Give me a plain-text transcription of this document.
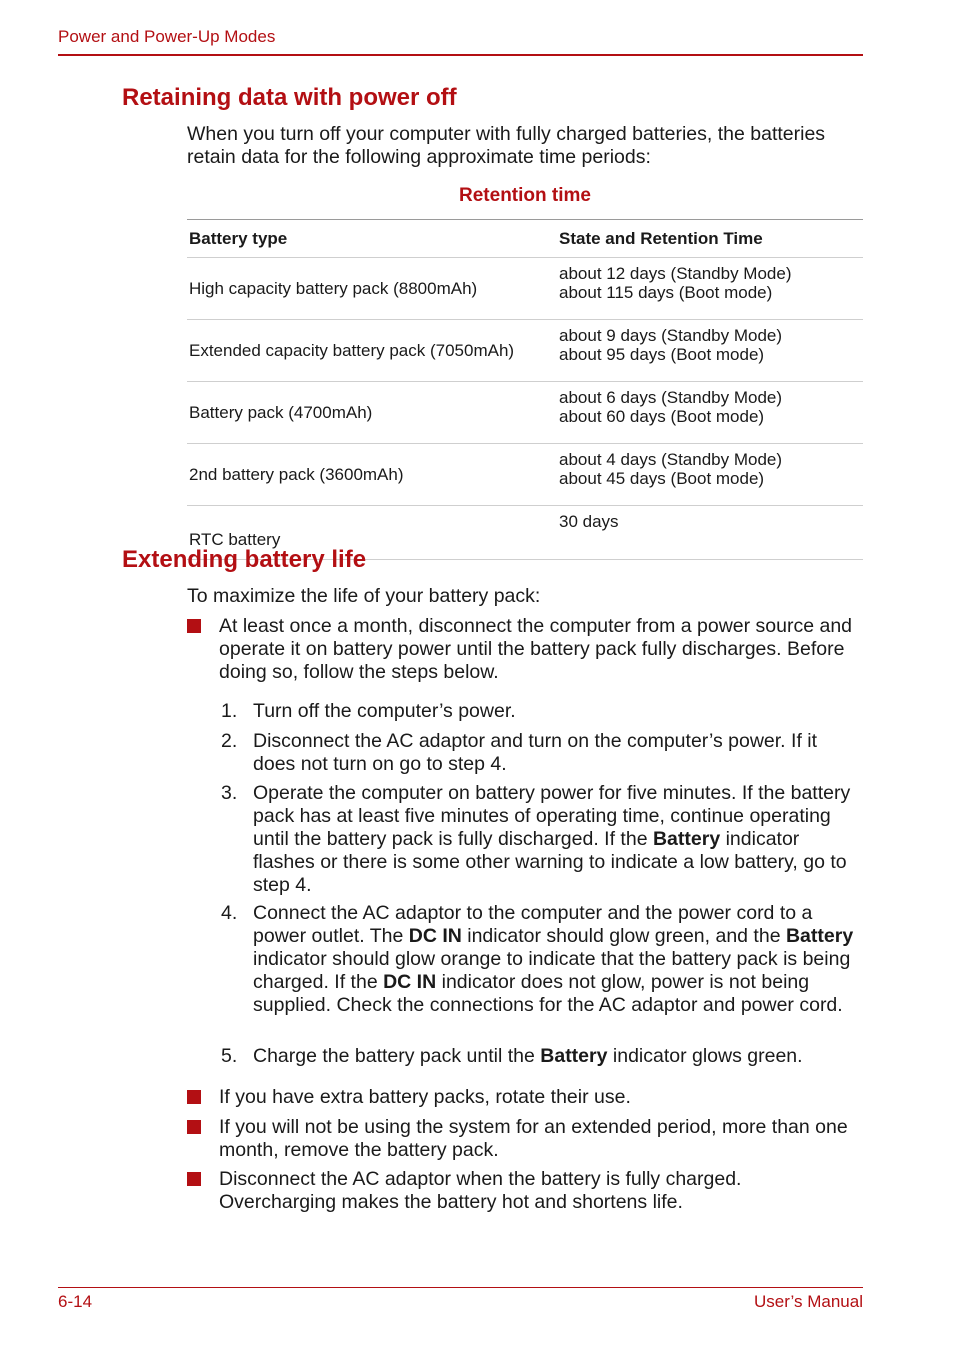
Power and Power-Up Modes
Retaining data with power off
When you turn off your computer with fully charged batteries, the batteries retain data for the following approximate time periods:
Retention time
Battery type	State and Retention Time
High capacity battery pack (8800mAh)	about 12 days (Standby Mode)
about 115 days (Boot mode)

Extended capacity battery pack (7050mAh)	about 9 days (Standby Mode)
about 95 days (Boot mode)

Battery pack (4700mAh)	about 6 days (Standby Mode)
about 60 days (Boot mode)

2nd battery pack (3600mAh)	about 4 days (Standby Mode)
about 45 days (Boot mode)

RTC battery	30 days
Extending battery life
To maximize the life of your battery pack:
At least once a month, disconnect the computer from a power source and operate it on battery power until the battery pack fully discharges. Before doing so, follow the steps below.
1. Turn off the computer’s power.
2. Disconnect the AC adaptor and turn on the computer’s power. If it does not turn on go to step 4.
3. Operate the computer on battery power for five minutes. If the battery pack has at least five minutes of operating time, continue operating until the battery pack is fully discharged. If the Battery indicator flashes or there is some other warning to indicate a low battery, go to step 4.
4. Connect the AC adaptor to the computer and the power cord to a power outlet. The DC IN indicator should glow green, and the Battery indicator should glow orange to indicate that the battery pack is being charged. If the DC IN indicator does not glow, power is not being supplied. Check the connections for the AC adaptor and power cord.
5. Charge the battery pack until the Battery indicator glows green.
If you have extra battery packs, rotate their use.
If you will not be using the system for an extended period, more than one month, remove the battery pack.
Disconnect the AC adaptor when the battery is fully charged. Overcharging makes the battery hot and shortens life.
6-14	User’s Manual
